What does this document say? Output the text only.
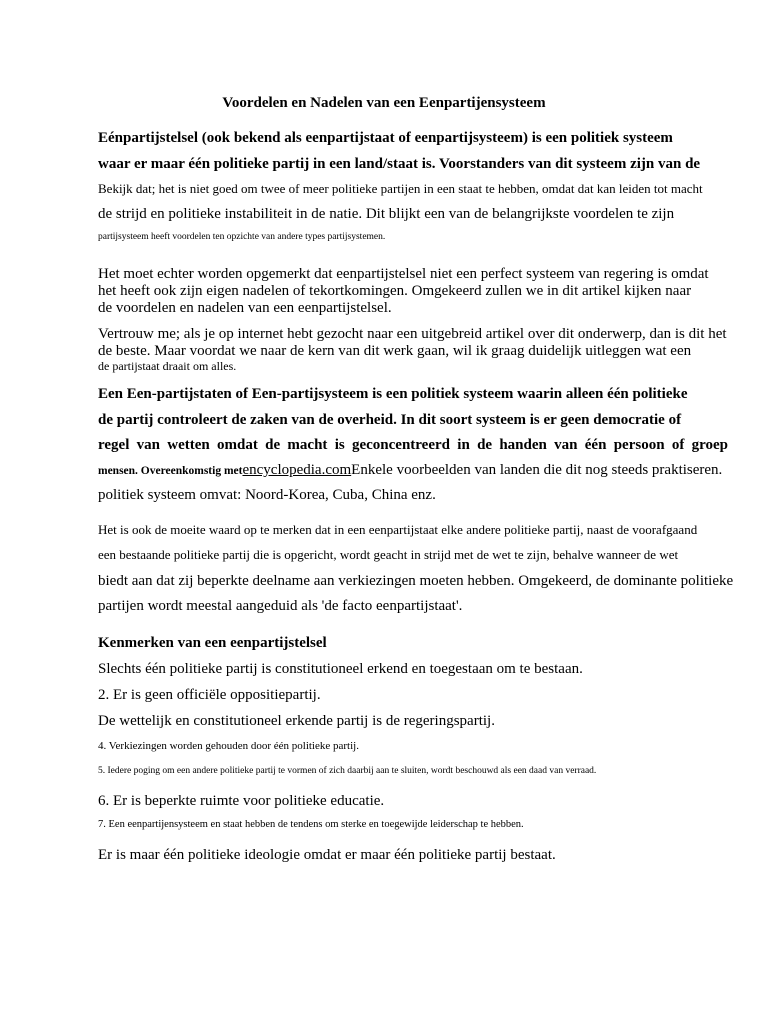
Voordelen en Nadelen van een Eenpartijensysteem
Eénpartijstelsel (ook bekend als eenpartijstaat of eenpartijsysteem) is een politiek systeem
waar er maar één politieke partij in een land/staat is. Voorstanders van dit systeem zijn van de
Bekijk dat; het is niet goed om twee of meer politieke partijen in een staat te hebben, omdat dat kan leiden tot macht
de strijd en politieke instabiliteit in de natie. Dit blijkt een van de belangrijkste voordelen te zijn
partijsysteem heeft voordelen ten opzichte van andere types partijsystemen.
Het moet echter worden opgemerkt dat eenpartijstelsel niet een perfect systeem van regering is omdat
het heeft ook zijn eigen nadelen of tekortkomingen. Omgekeerd zullen we in dit artikel kijken naar
de voordelen en nadelen van een eenpartijstelsel.
Vertrouw me; als je op internet hebt gezocht naar een uitgebreid artikel over dit onderwerp, dan is dit het
de beste. Maar voordat we naar de kern van dit werk gaan, wil ik graag duidelijk uitleggen wat een
de partijstaat draait om alles.
Een Een-partijstaten of Een-partijsysteem is een politiek systeem waarin alleen één politieke
de partij controleert de zaken van de overheid. In dit soort systeem is er geen democratie of
regel van wetten omdat de macht is geconcentreerd in de handen van één persoon of groep
mensen. Overeenkomstig metencyclopedia.comEnkele voorbeelden van landen die dit nog steeds praktiseren.
politiek systeem omvat: Noord-Korea, Cuba, China enz.
Het is ook de moeite waard op te merken dat in een eenpartijstaat elke andere politieke partij, naast de voorafgaand
een bestaande politieke partij die is opgericht, wordt geacht in strijd met de wet te zijn, behalve wanneer de wet
biedt aan dat zij beperkte deelname aan verkiezingen moeten hebben. Omgekeerd, de dominante politieke
partijen wordt meestal aangeduid als 'de facto eenpartijstaat'.
Kenmerken van een eenpartijstelsel
Slechts één politieke partij is constitutioneel erkend en toegestaan om te bestaan.
2. Er is geen officiële oppositiepartij.
De wettelijk en constitutioneel erkende partij is de regeringspartij.
4. Verkiezingen worden gehouden door één politieke partij.
5. Iedere poging om een andere politieke partij te vormen of zich daarbij aan te sluiten, wordt beschouwd als een daad van verraad.
6. Er is beperkte ruimte voor politieke educatie.
7. Een eenpartijensysteem en staat hebben de tendens om sterke en toegewijde leiderschap te hebben.
Er is maar één politieke ideologie omdat er maar één politieke partij bestaat.
